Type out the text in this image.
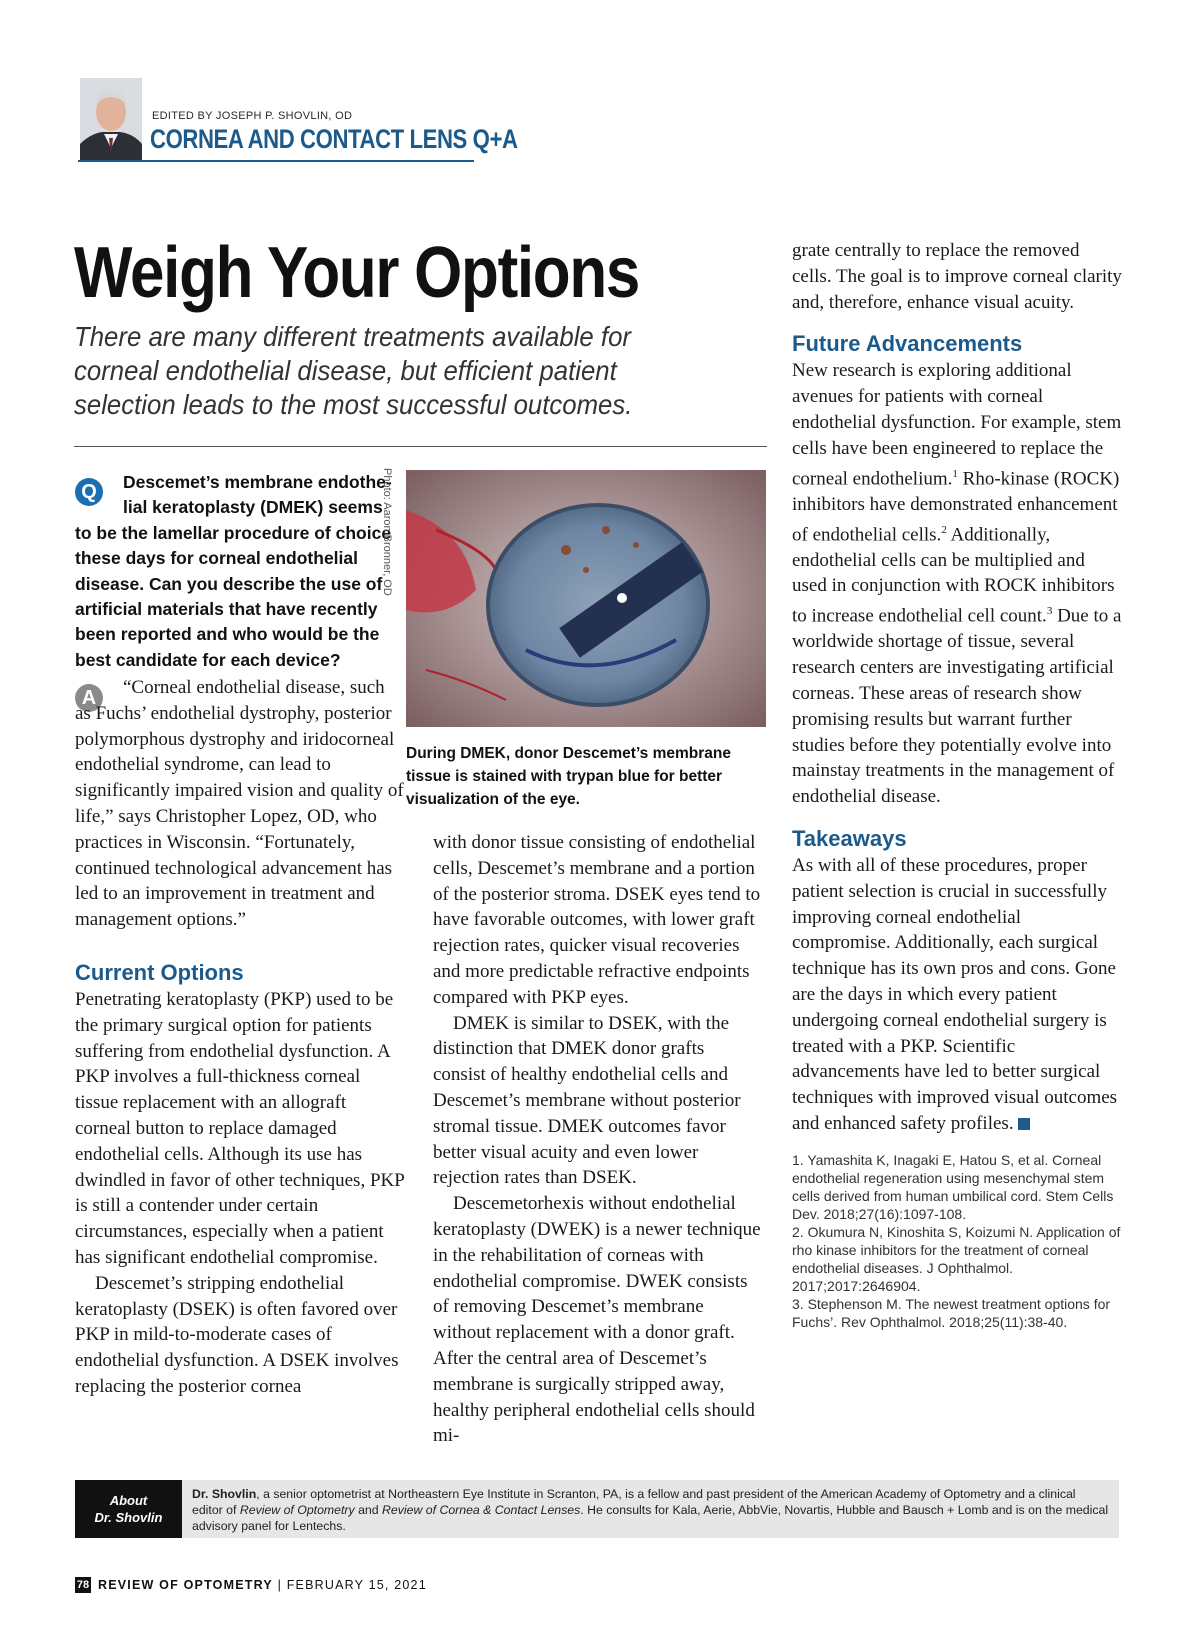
EDITED BY JOSEPH P. SHOVLIN, OD
CORNEA AND CONTACT LENS Q+A
Weigh Your Options
There are many different treatments available for corneal endothelial disease, but efficient patient selection leads to the most successful outcomes.
Q	Descemet’s membrane endothe-
lial keratoplasty (DMEK) seems
to be the lamellar procedure of choice these days for corneal endothelial disease. Can you describe the use of artificial materials that have recently been reported and who would be the best candidate for each device?
A	“Corneal endothelial disease, such as Fuchs’ endothelial dystrophy, posterior polymorphous dystrophy and iridocorneal endothelial syndrome, can lead to significantly impaired vision and quality of life,” says Christopher Lopez, OD, who practices in Wisconsin. “Fortunately, continued technological advancement has led to an improvement in treatment and management options.”

Current Options

Penetrating keratoplasty (PKP) used to be the primary surgical option for patients suffering from endothelial dysfunction. A PKP involves a full-thickness corneal tissue replacement with an allograft corneal button to replace damaged endothelial cells. Although its use has dwindled in favor of other techniques, PKP is still a contender under certain circumstances, especially when a patient has significant endothelial compromise.

Descemet’s stripping endothelial keratoplasty (DSEK) is often favored over PKP in mild-to-moderate cases of endothelial dysfunction. A DSEK involves replacing the posterior cornea

Photo: Aaron Bronner, OD
During DMEK, donor Descemet’s membrane tissue is stained with trypan blue for better visualization of the eye.

with donor tissue consisting of endothelial cells, Descemet’s membrane and a portion of the posterior stroma. DSEK eyes tend to have favorable outcomes, with lower graft rejection rates, quicker visual recoveries and more predictable refractive endpoints compared with PKP eyes.

DMEK is similar to DSEK, with the distinction that DMEK donor grafts consist of healthy endothelial cells and Descemet’s membrane without posterior stromal tissue. DMEK outcomes favor better visual acuity and even lower rejection rates than DSEK.

Descemetorhexis without endothelial keratoplasty (DWEK) is a newer technique in the rehabilitation of corneas with endothelial compromise. DWEK consists of removing Descemet’s membrane without replacement with a donor graft. After the central area of Descemet’s membrane is surgically stripped away, healthy peripheral endothelial cells should mi-

grate centrally to replace the removed cells. The goal is to improve corneal clarity and, therefore, enhance visual acuity.

Future Advancements

New research is exploring additional avenues for patients with corneal endothelial dysfunction. For example, stem cells have been engineered to replace the corneal endothelium.$^1$ Rho-kinase (ROCK) inhibitors have demonstrated enhancement of endothelial cells.$^2$ Additionally, endothelial cells can be multiplied and used in conjunction with ROCK inhibitors to increase endothelial cell count.$^3$ Due to a worldwide shortage of tissue, several research centers are investigating artificial corneas. These areas of research show promising results but warrant further studies before they potentially evolve into mainstay treatments in the management of endothelial disease.

Takeaways

As with all of these procedures, proper patient selection is crucial in successfully improving corneal endothelial compromise. Additionally, each surgical technique has its own pros and cons. Gone are the days in which every patient undergoing corneal endothelial surgery is treated with a PKP. Scientific advancements have led to better surgical techniques with improved visual outcomes and enhanced safety profiles.

1. Yamashita K, Inagaki E, Hatou S, et al. Corneal endothelial regeneration using mesenchymal stem cells derived from human umbilical cord. Stem Cells Dev. 2018;27(16):1097-108.

2. Okumura N, Kinoshita S, Koizumi N. Application of rho kinase inhibitors for the treatment of corneal endothelial diseases. J Ophthalmol. 2017;2017:2646904.

3. Stephenson M. The newest treatment options for Fuchs’. Rev Ophthalmol. 2018;25(11):38-40.

About
Dr. Shovlin
Dr. Shovlin, a senior optometrist at Northeastern Eye Institute in Scranton, PA, is a fellow and past president of the American Academy of Optometry and a clinical editor of Review of Optometry and Review of Cornea & Contact Lenses. He consults for Kala, Aerie, AbbVie, Novartis, Hubble and Bausch + Lomb and is on the medical advisory panel for Lentechs.
78 REVIEW OF OPTOMETRY | FEBRUARY 15, 2021
